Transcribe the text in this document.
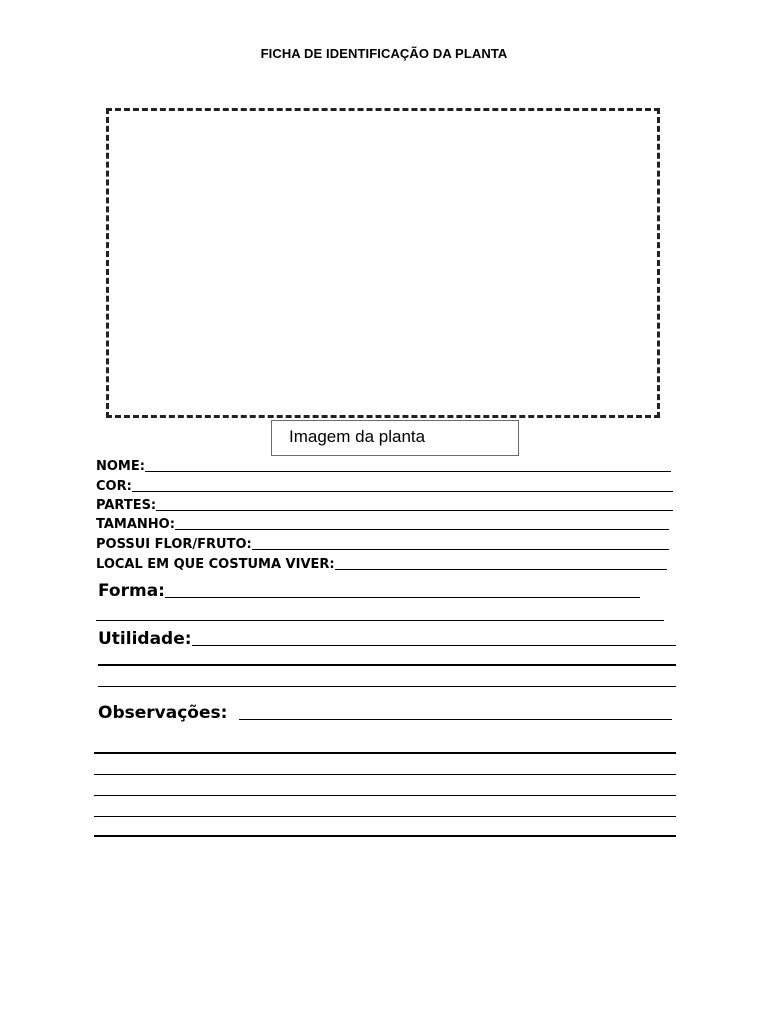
FICHA DE IDENTIFICAÇÃO DA PLANTA
Imagem da planta
NOME:
COR:
PARTES:
TAMANHO:
POSSUI FLOR/FRUTO:
LOCAL EM QUE COSTUMA VIVER:
Forma:
Utilidade:
Observações:
